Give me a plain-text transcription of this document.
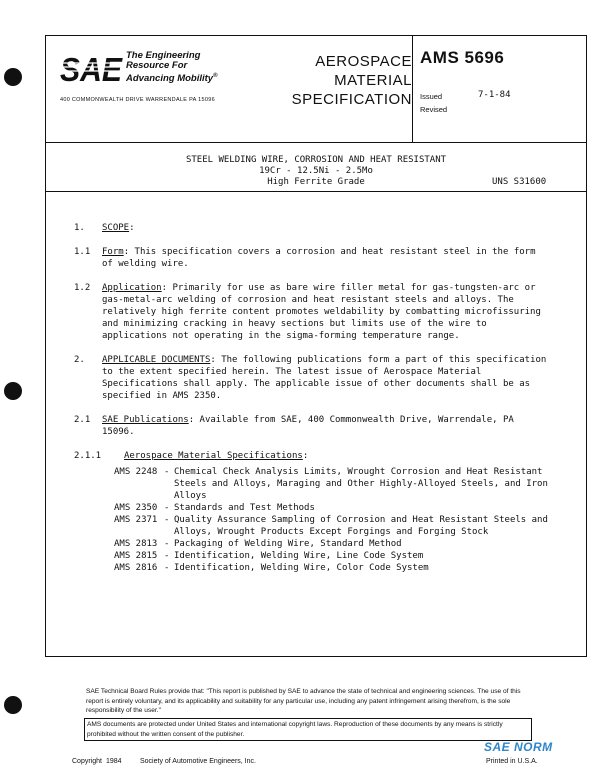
SAE The Engineering
Resource For
Advancing Mobility®
400 COMMONWEALTH DRIVE WARRENDALE PA 15096
AEROSPACE
MATERIAL
SPECIFICATION
AMS 5696
Issued	7-1-84
Revised
STEEL WELDING WIRE, CORROSION AND HEAT RESISTANT
19Cr - 12.5Ni - 2.5Mo
High Ferrite Grade	UNS S31600
1.	SCOPE:
1.1	Form: This specification covers a corrosion and heat resistant steel in the form of welding wire.
1.2	Application: Primarily for use as bare wire filler metal for gas-tungsten-arc or gas-metal-arc welding of corrosion and heat resistant steels and alloys. The relatively high ferrite content promotes weldability by combatting microfissuring and minimizing cracking in heavy sections but limits use of the wire to applications not operating in the sigma-forming temperature range.
2.	APPLICABLE DOCUMENTS: The following publications form a part of this specification to the extent specified herein. The latest issue of Aerospace Material Specifications shall apply. The applicable issue of other documents shall be as specified in AMS 2350.
2.1	SAE Publications: Available from SAE, 400 Commonwealth Drive, Warrendale, PA 15096.
2.1.1	Aerospace Material Specifications:
AMS 2248 - Chemical Check Analysis Limits, Wrought Corrosion and Heat Resistant Steels and Alloys, Maraging and Other Highly-Alloyed Steels, and Iron Alloys
AMS 2350 - Standards and Test Methods
AMS 2371 - Quality Assurance Sampling of Corrosion and Heat Resistant Steels and Alloys, Wrought Products Except Forgings and Forging Stock
AMS 2813 - Packaging of Welding Wire, Standard Method
AMS 2815 - Identification, Welding Wire, Line Code System
AMS 2816 - Identification, Welding Wire, Color Code System
SAE Technical Board Rules provide that: "This report is published by SAE to advance the state of technical and engineering sciences. The use of this report is entirely voluntary, and its applicability and suitability for any particular use, including any patent infringement arising therefrom, is the sole responsibility of the user."
AMS documents are protected under United States and international copyright laws. Reproduction of these documents by any means is strictly prohibited without the written consent of the publisher.
Copyright 1984	Society of Automotive Engineers, Inc.	Printed in U.S.A.
SAE NORM
